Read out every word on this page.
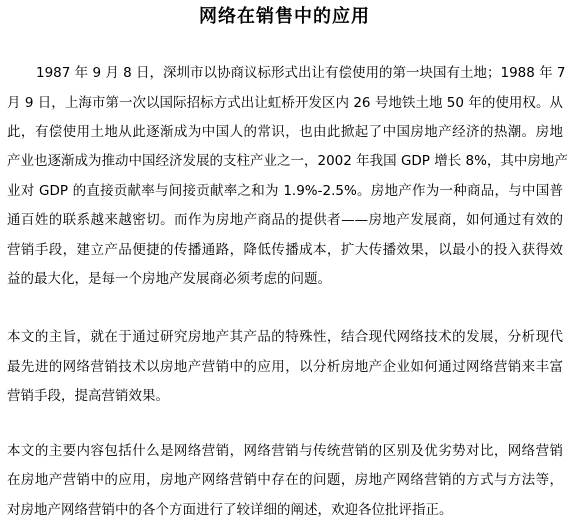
网络在销售中的应用
1987 年 9 月 8 日，深圳市以协商议标形式出让有偿使用的第一块国有土地；1988 年 7
月 9 日，上海市第一次以国际招标方式出让虹桥开发区内 26 号地铁土地 50 年的使用权。从
此，有偿使用土地从此逐渐成为中国人的常识，也由此掀起了中国房地产经济的热潮。房地
产业也逐渐成为推动中国经济发展的支柱产业之一，2002 年我国 GDP 增长 8%，其中房地产
业对 GDP 的直接贡献率与间接贡献率之和为 1.9%-2.5%。房地产作为一种商品，与中国普
通百姓的联系越来越密切。而作为房地产商品的提供者——房地产发展商，如何通过有效的
营销手段，建立产品便捷的传播通路，降低传播成本，扩大传播效果，以最小的投入获得效
益的最大化，是每一个房地产发展商必须考虑的问题。
本文的主旨，就在于通过研究房地产其产品的特殊性，结合现代网络技术的发展，分析现代
最先进的网络营销技术以房地产营销中的应用，以分析房地产企业如何通过网络营销来丰富
营销手段，提高营销效果。
本文的主要内容包括什么是网络营销，网络营销与传统营销的区别及优劣势对比，网络营销
在房地产营销中的应用，房地产网络营销中存在的问题，房地产网络营销的方式与方法等，
对房地产网络营销中的各个方面进行了较详细的阐述，欢迎各位批评指正。
